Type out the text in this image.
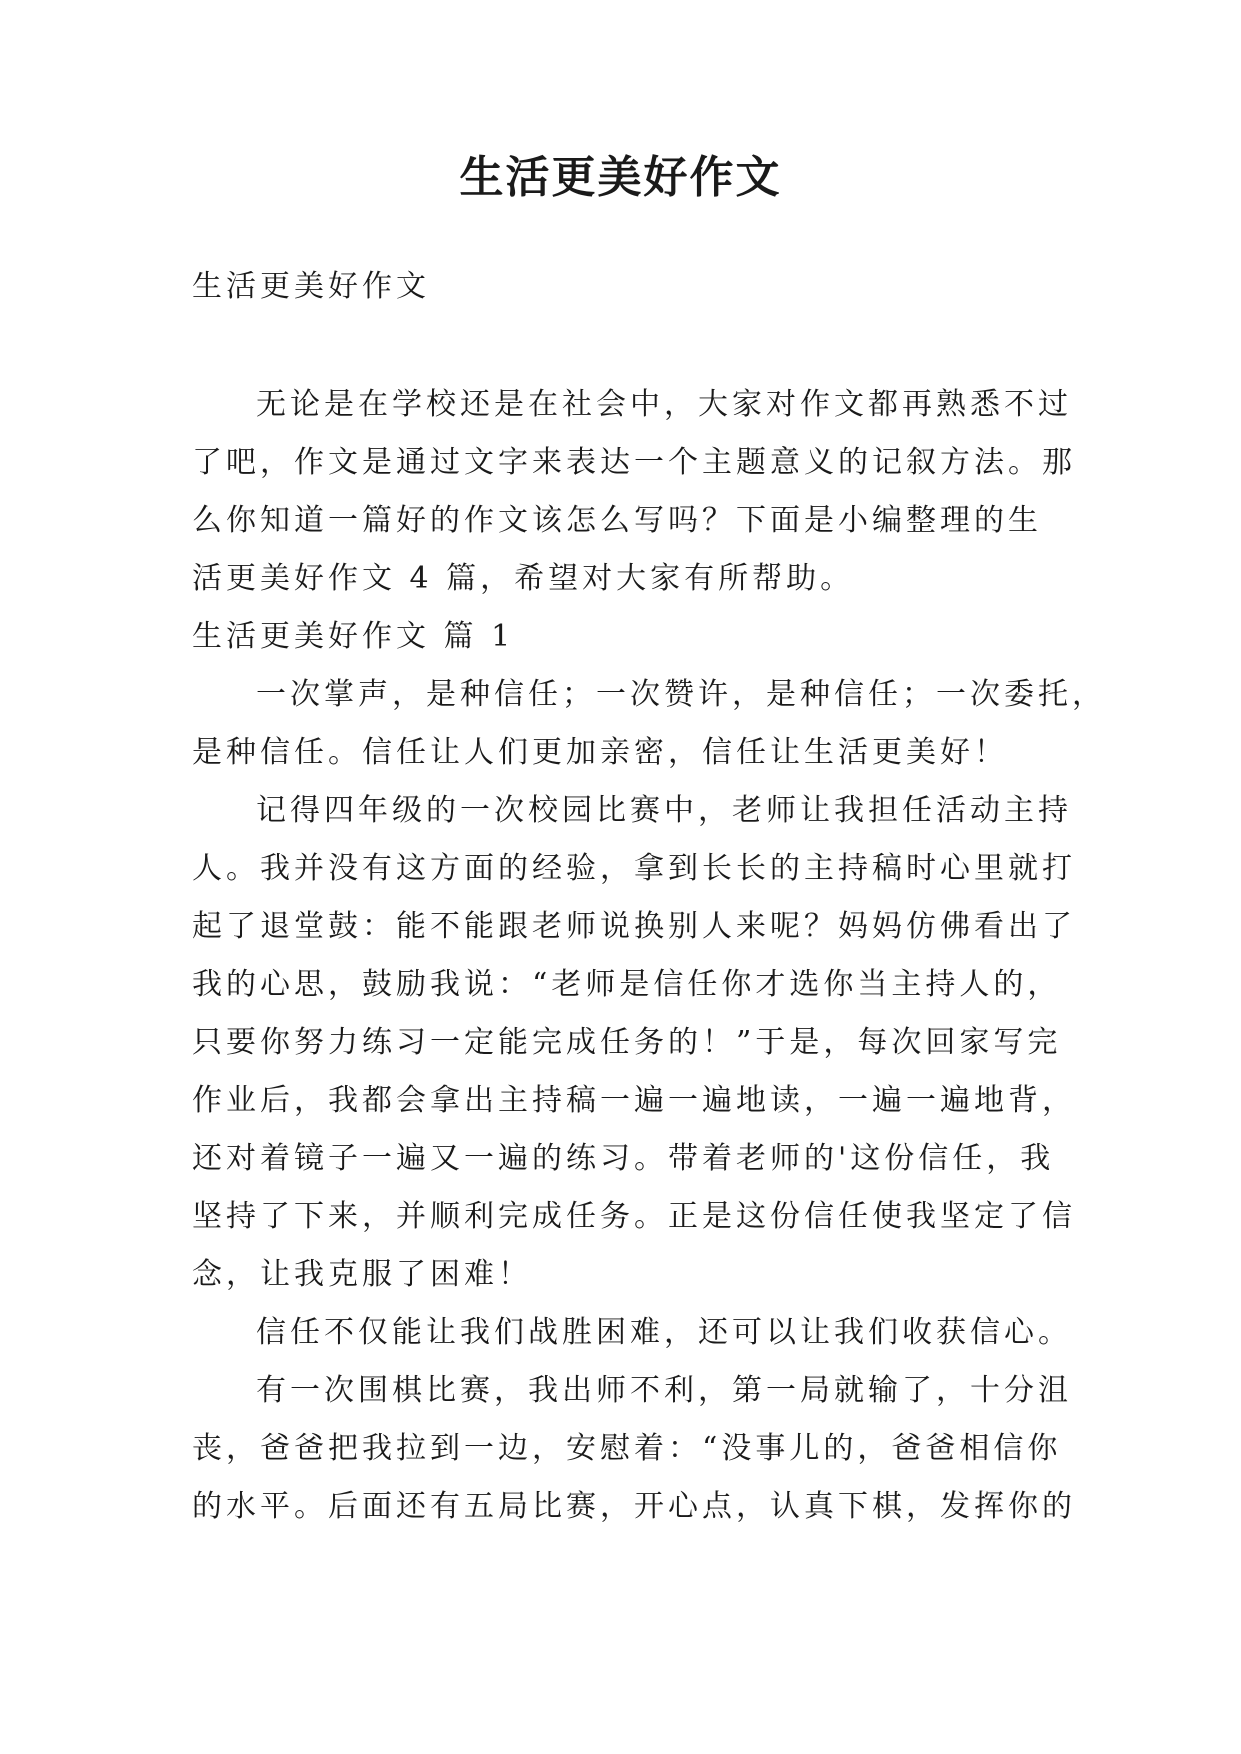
生活更美好作文

生活更美好作文

无论是在学校还是在社会中，大家对作文都再熟悉不过

了吧，作文是通过文字来表达一个主题意义的记叙方法。那

么你知道一篇好的作文该怎么写吗？下面是小编整理的生

活更美好作文 4 篇，希望对大家有所帮助。

生活更美好作文 篇 1

一次掌声，是种信任；一次赞许，是种信任；一次委托，

是种信任。信任让人们更加亲密，信任让生活更美好！

记得四年级的一次校园比赛中，老师让我担任活动主持

人。我并没有这方面的经验，拿到长长的主持稿时心里就打

起了退堂鼓：能不能跟老师说换别人来呢？妈妈仿佛看出了

我的心思，鼓励我说：“老师是信任你才选你当主持人的，

只要你努力练习一定能完成任务的！”于是，每次回家写完

作业后，我都会拿出主持稿一遍一遍地读，一遍一遍地背，

还对着镜子一遍又一遍的练习。带着老师的'这份信任，我

坚持了下来，并顺利完成任务。正是这份信任使我坚定了信

念，让我克服了困难！

信任不仅能让我们战胜困难，还可以让我们收获信心。

有一次围棋比赛，我出师不利，第一局就输了，十分沮

丧，爸爸把我拉到一边，安慰着：“没事儿的，爸爸相信你

的水平。后面还有五局比赛，开心点，认真下棋，发挥你的
